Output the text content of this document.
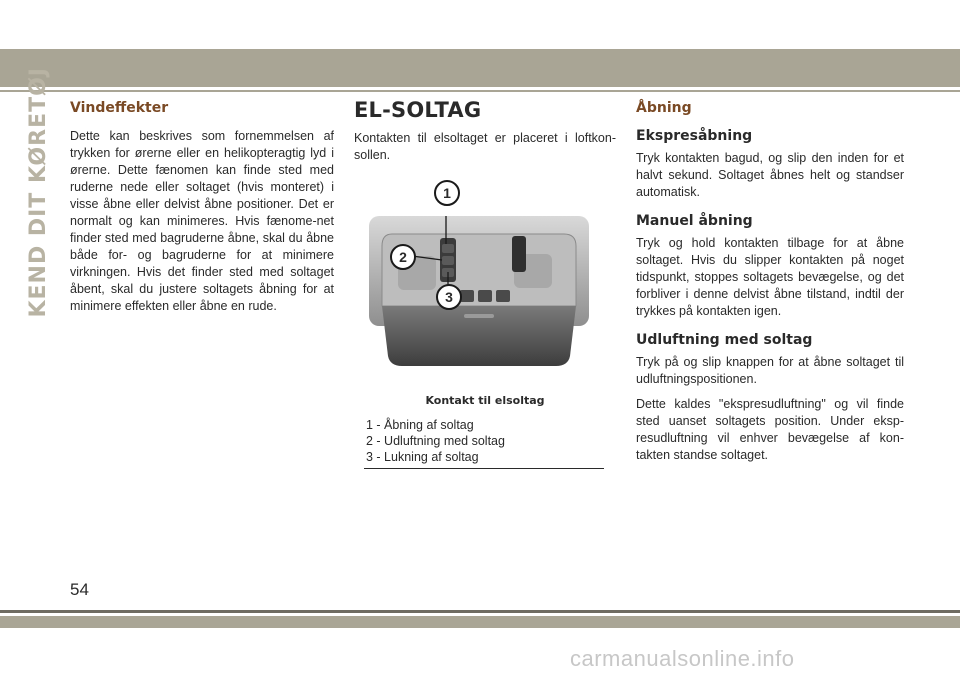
KEND DIT KØRETØJ Vindeffekter

Dette kan beskrives som fornemmelsen af trykken for ørerne eller en helikopteragtig lyd i ørerne. Dette fænomen kan finde sted med ruderne nede eller soltaget (hvis monteret) i visse åbne eller delvist åbne positioner. Det er normalt og kan minimeres. Hvis fænome-net finder sted med bagruderne åbne, skal du åbne både for- og bagruderne for at minimere virkningen. Hvis det finder sted med soltaget åbent, skal du justere soltagets åbning for at minimere effekten eller åbne en rude.

EL-SOLTAG

Kontakten til elsoltaget er placeret i loftkon-sollen.

1
2
3
Kontakt til elsoltag
1 - Åbning af soltag
2 - Udluftning med soltag
3 - Lukning af soltag
Åbning
Ekspresåbning

Tryk kontakten bagud, og slip den inden for et halvt sekund. Soltaget åbnes helt og standser automatisk.

Manuel åbning

Tryk og hold kontakten tilbage for at åbne soltaget. Hvis du slipper kontakten på noget tidspunkt, stoppes soltagets bevægelse, og det forbliver i denne delvist åbne tilstand, indtil der trykkes på kontakten igen.

Udluftning med soltag

Tryk på og slip knappen for at åbne soltaget til udluftningspositionen.

Dette kaldes "ekspresudluftning" og vil finde sted uanset soltagets position. Under eksp-resudluftning vil enhver bevægelse af kon-takten standse soltaget.

54
carmanualsonline.info
